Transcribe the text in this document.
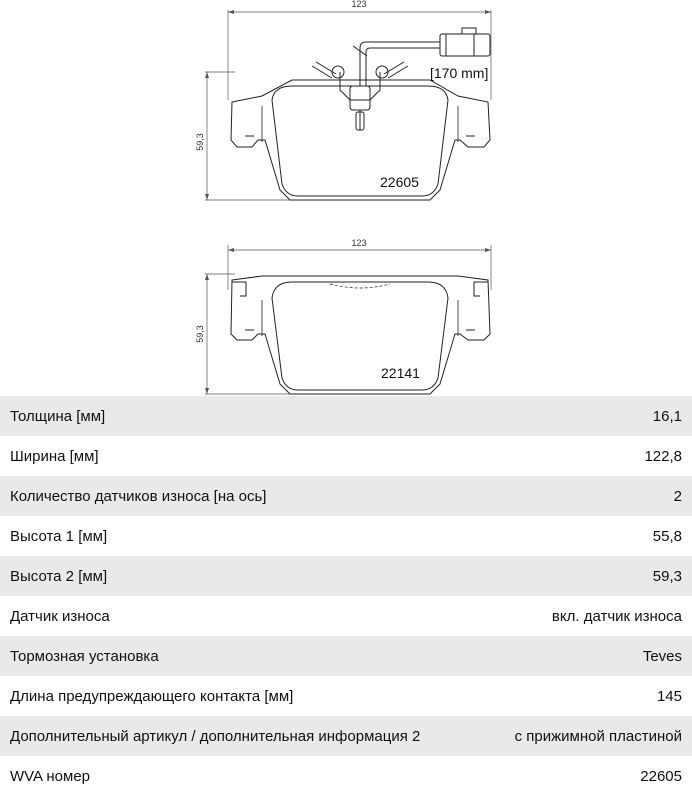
123
59,3
[170 mm]
22605
123
59,3
22141
Толщина [мм]	16,1
Ширина [мм]	122,8
Количество датчиков износа [на ось]	2
Высота 1 [мм]	55,8
Высота 2 [мм]	59,3
Датчик износа	вкл. датчик износа
Тормозная установка	Teves
Длина предупреждающего контакта [мм]	145
Дополнительный артикул / дополнительная информация 2	с прижимной пластиной
WVA номер	22605
